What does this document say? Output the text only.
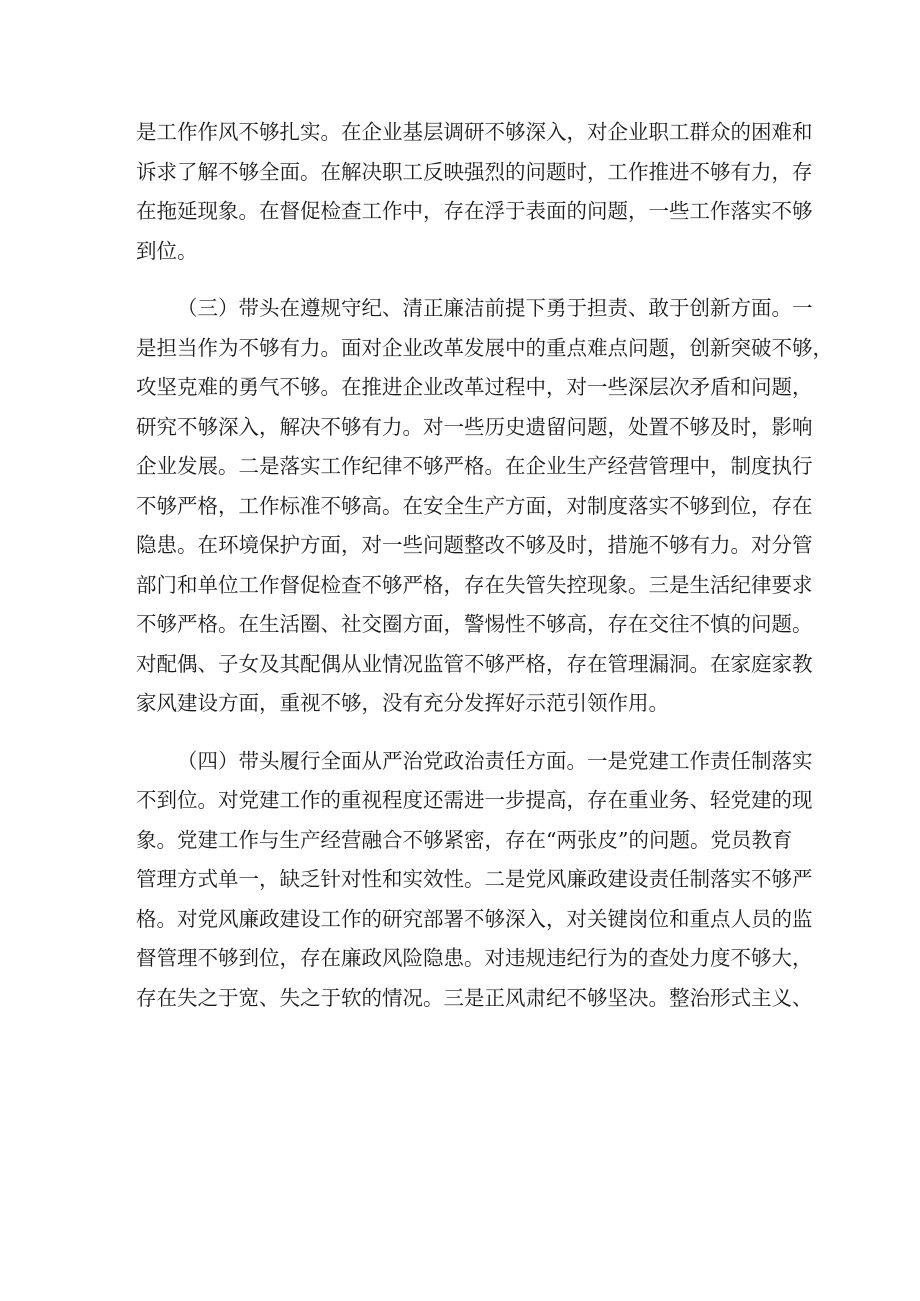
是工作作风不够扎实。在企业基层调研不够深入，对企业职工群众的困难和
诉求了解不够全面。在解决职工反映强烈的问题时，工作推进不够有力，存
在拖延现象。在督促检查工作中，存在浮于表面的问题，一些工作落实不够
到位。
（三）带头在遵规守纪、清正廉洁前提下勇于担责、敢于创新方面。一
是担当作为不够有力。面对企业改革发展中的重点难点问题，创新突破不够，
攻坚克难的勇气不够。在推进企业改革过程中，对一些深层次矛盾和问题，
研究不够深入，解决不够有力。对一些历史遗留问题，处置不够及时，影响
企业发展。二是落实工作纪律不够严格。在企业生产经营管理中，制度执行
不够严格，工作标准不够高。在安全生产方面，对制度落实不够到位，存在
隐患。在环境保护方面，对一些问题整改不够及时，措施不够有力。对分管
部门和单位工作督促检查不够严格，存在失管失控现象。三是生活纪律要求
不够严格。在生活圈、社交圈方面，警惕性不够高，存在交往不慎的问题。
对配偶、子女及其配偶从业情况监管不够严格，存在管理漏洞。在家庭家教
家风建设方面，重视不够，没有充分发挥好示范引领作用。
（四）带头履行全面从严治党政治责任方面。一是党建工作责任制落实
不到位。对党建工作的重视程度还需进一步提高，存在重业务、轻党建的现
象。党建工作与生产经营融合不够紧密，存在“两张皮”的问题。党员教育
管理方式单一，缺乏针对性和实效性。二是党风廉政建设责任制落实不够严
格。对党风廉政建设工作的研究部署不够深入，对关键岗位和重点人员的监
督管理不够到位，存在廉政风险隐患。对违规违纪行为的查处力度不够大，
存在失之于宽、失之于软的情况。三是正风肃纪不够坚决。整治形式主义、
